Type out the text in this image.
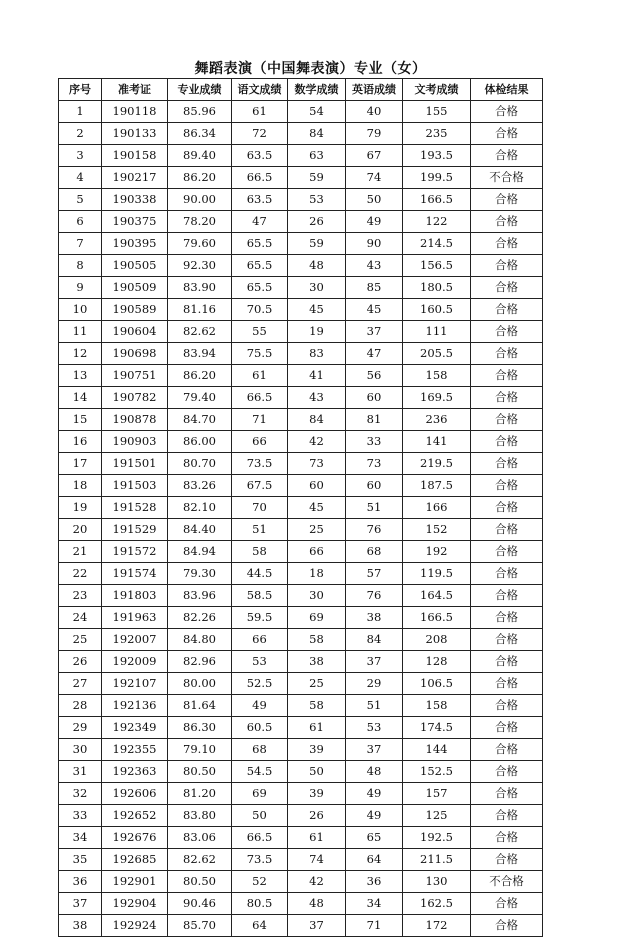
舞蹈表演（中国舞表演）专业（女）
序号	准考证	专业成绩	语文成绩	数学成绩	英语成绩	文考成绩	体检结果
1	190118	85.96	61	54	40	155	合格
2	190133	86.34	72	84	79	235	合格
3	190158	89.40	63.5	63	67	193.5	合格
4	190217	86.20	66.5	59	74	199.5	不合格
5	190338	90.00	63.5	53	50	166.5	合格
6	190375	78.20	47	26	49	122	合格
7	190395	79.60	65.5	59	90	214.5	合格
8	190505	92.30	65.5	48	43	156.5	合格
9	190509	83.90	65.5	30	85	180.5	合格
10	190589	81.16	70.5	45	45	160.5	合格
11	190604	82.62	55	19	37	111	合格
12	190698	83.94	75.5	83	47	205.5	合格
13	190751	86.20	61	41	56	158	合格
14	190782	79.40	66.5	43	60	169.5	合格
15	190878	84.70	71	84	81	236	合格
16	190903	86.00	66	42	33	141	合格
17	191501	80.70	73.5	73	73	219.5	合格
18	191503	83.26	67.5	60	60	187.5	合格
19	191528	82.10	70	45	51	166	合格
20	191529	84.40	51	25	76	152	合格
21	191572	84.94	58	66	68	192	合格
22	191574	79.30	44.5	18	57	119.5	合格
23	191803	83.96	58.5	30	76	164.5	合格
24	191963	82.26	59.5	69	38	166.5	合格
25	192007	84.80	66	58	84	208	合格
26	192009	82.96	53	38	37	128	合格
27	192107	80.00	52.5	25	29	106.5	合格
28	192136	81.64	49	58	51	158	合格
29	192349	86.30	60.5	61	53	174.5	合格
30	192355	79.10	68	39	37	144	合格
31	192363	80.50	54.5	50	48	152.5	合格
32	192606	81.20	69	39	49	157	合格
33	192652	83.80	50	26	49	125	合格
34	192676	83.06	66.5	61	65	192.5	合格
35	192685	82.62	73.5	74	64	211.5	合格
36	192901	80.50	52	42	36	130	不合格
37	192904	90.46	80.5	48	34	162.5	合格
38	192924	85.70	64	37	71	172	合格
